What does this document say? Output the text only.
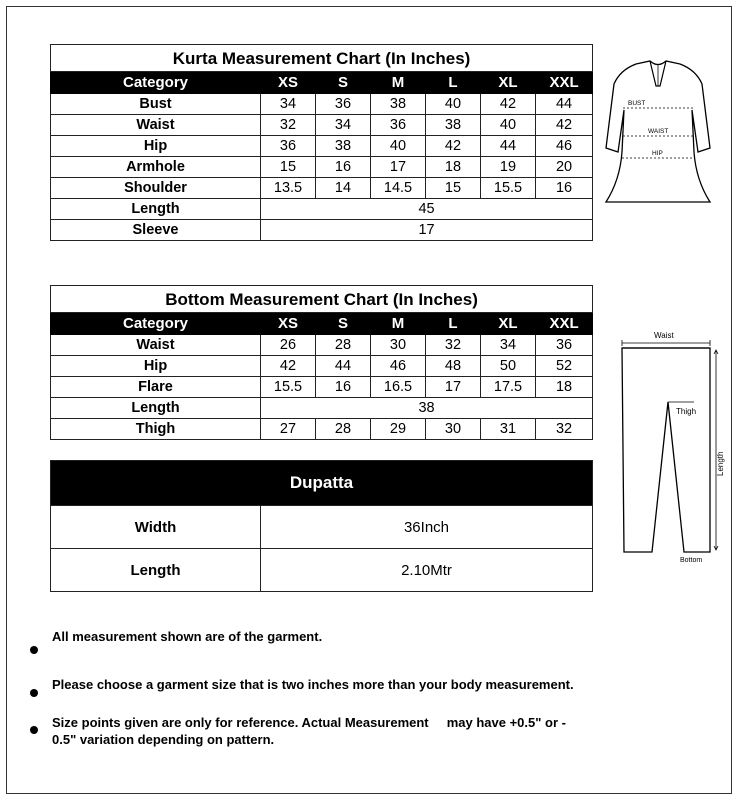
Kurta Measurement Chart (In Inches)						
Category	XS	S	M	L	XL	XXL
Bust	34	36	38	40	42	44
Waist	32	34	36	38	40	42
Hip	36	38	40	42	44	46
Armhole	15	16	17	18	19	20
Shoulder	13.5	14	14.5	15	15.5	16
Length	45					
Sleeve	17					
Bottom Measurement Chart (In Inches)						
Category	XS	S	M	L	XL	XXL
Waist	26	28	30	32	34	36
Hip	42	44	46	48	50	52
Flare	15.5	16	16.5	17	17.5	18
Length	38					
Thigh	27	28	29	30	31	32
Dupatta	
Width	36Inch
Length	2.10Mtr
BUST
WAIST
HIP
Waist
Thigh
Length
Bottom
All measurement shown are of the garment.
Please choose a garment size that is two inches more than your body measurement.
Size points given are only for reference. Actual Measurement     may have +0.5" or -
0.5" variation depending on pattern.
